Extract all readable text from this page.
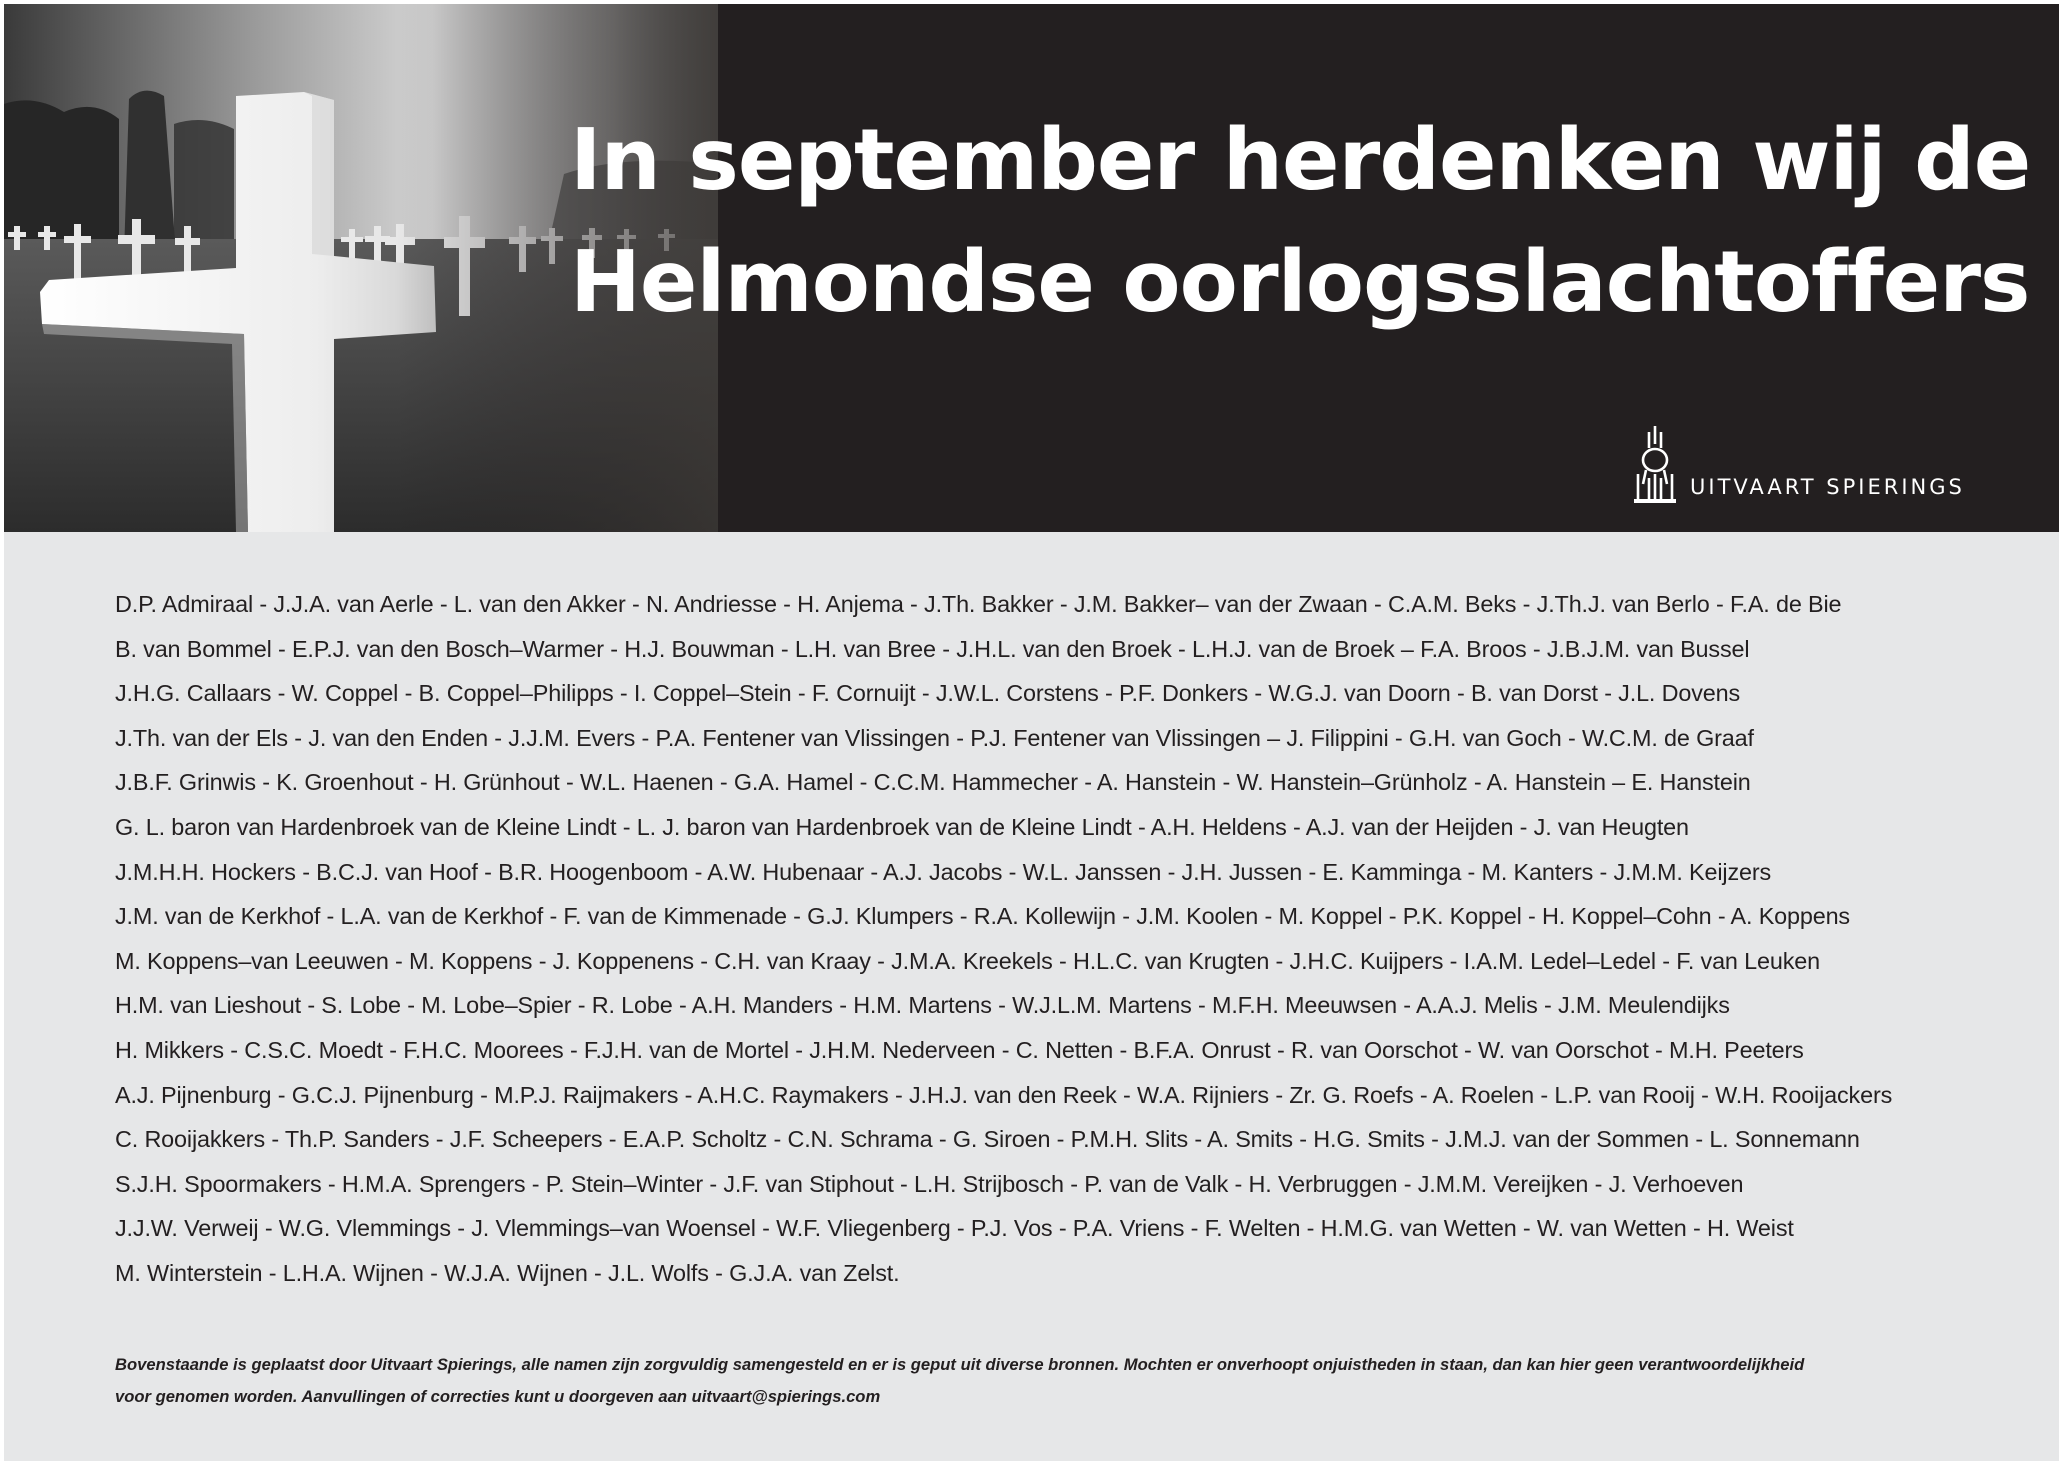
In september herdenken wij de
Helmondse oorlogsslachtoffers
UITVAART SPIERINGS
D.P. Admiraal - J.J.A. van Aerle - L. van den Akker - N. Andriesse - H. Anjema - J.Th. Bakker - J.M. Bakker– van der Zwaan - C.A.M. Beks - J.Th.J. van Berlo - F.A. de Bie
B. van Bommel - E.P.J. van den Bosch–Warmer - H.J. Bouwman - L.H. van Bree - J.H.L. van den Broek - L.H.J. van de Broek – F.A. Broos - J.B.J.M. van Bussel
J.H.G. Callaars - W. Coppel - B. Coppel–Philipps - I. Coppel–Stein - F. Cornuijt - J.W.L. Corstens - P.F. Donkers - W.G.J. van Doorn - B. van Dorst - J.L. Dovens
J.Th. van der Els - J. van den Enden - J.J.M. Evers - P.A. Fentener van Vlissingen - P.J. Fentener van Vlissingen – J. Filippini - G.H. van Goch - W.C.M. de Graaf
J.B.F. Grinwis - K. Groenhout - H. Grünhout - W.L. Haenen - G.A. Hamel - C.C.M. Hammecher - A. Hanstein - W. Hanstein–Grünholz - A. Hanstein – E. Hanstein
G. L. baron van Hardenbroek van de Kleine Lindt - L. J. baron van Hardenbroek van de Kleine Lindt - A.H. Heldens - A.J. van der Heijden - J. van Heugten
J.M.H.H. Hockers - B.C.J. van Hoof - B.R. Hoogenboom - A.W. Hubenaar - A.J. Jacobs - W.L. Janssen - J.H. Jussen - E. Kamminga - M. Kanters - J.M.M. Keijzers
J.M. van de Kerkhof - L.A. van de Kerkhof - F. van de Kimmenade - G.J. Klumpers - R.A. Kollewijn - J.M. Koolen - M. Koppel - P.K. Koppel - H. Koppel–Cohn - A. Koppens
M. Koppens–van Leeuwen - M. Koppens - J. Koppenens - C.H. van Kraay - J.M.A. Kreekels - H.L.C. van Krugten - J.H.C. Kuijpers - I.A.M. Ledel–Ledel - F. van Leuken
H.M. van Lieshout - S. Lobe - M. Lobe–Spier - R. Lobe - A.H. Manders - H.M. Martens - W.J.L.M. Martens - M.F.H. Meeuwsen - A.A.J. Melis - J.M. Meulendijks
H. Mikkers - C.S.C. Moedt - F.H.C. Moorees - F.J.H. van de Mortel - J.H.M. Nederveen - C. Netten - B.F.A. Onrust - R. van Oorschot - W. van Oorschot - M.H. Peeters
A.J. Pijnenburg - G.C.J. Pijnenburg - M.P.J. Raijmakers - A.H.C. Raymakers - J.H.J. van den Reek - W.A. Rijniers - Zr. G. Roefs - A. Roelen - L.P. van Rooij - W.H. Rooijackers
C. Rooijakkers - Th.P. Sanders - J.F. Scheepers - E.A.P. Scholtz - C.N. Schrama - G. Siroen - P.M.H. Slits - A. Smits - H.G. Smits - J.M.J. van der Sommen - L. Sonnemann
S.J.H. Spoormakers - H.M.A. Sprengers - P. Stein–Winter - J.F. van Stiphout - L.H. Strijbosch - P. van de Valk - H. Verbruggen - J.M.M. Vereijken - J. Verhoeven
J.J.W. Verweij - W.G. Vlemmings - J. Vlemmings–van Woensel - W.F. Vliegenberg - P.J. Vos - P.A. Vriens - F. Welten - H.M.G. van Wetten - W. van Wetten - H. Weist
M. Winterstein - L.H.A. Wijnen - W.J.A. Wijnen - J.L. Wolfs - G.J.A. van Zelst.
Bovenstaande is geplaatst door Uitvaart Spierings, alle namen zijn zorgvuldig samengesteld en er is geput uit diverse bronnen. Mochten er onverhoopt onjuistheden in staan, dan kan hier geen verantwoordelijkheid
voor genomen worden. Aanvullingen of correcties kunt u doorgeven aan uitvaart@spierings.com
